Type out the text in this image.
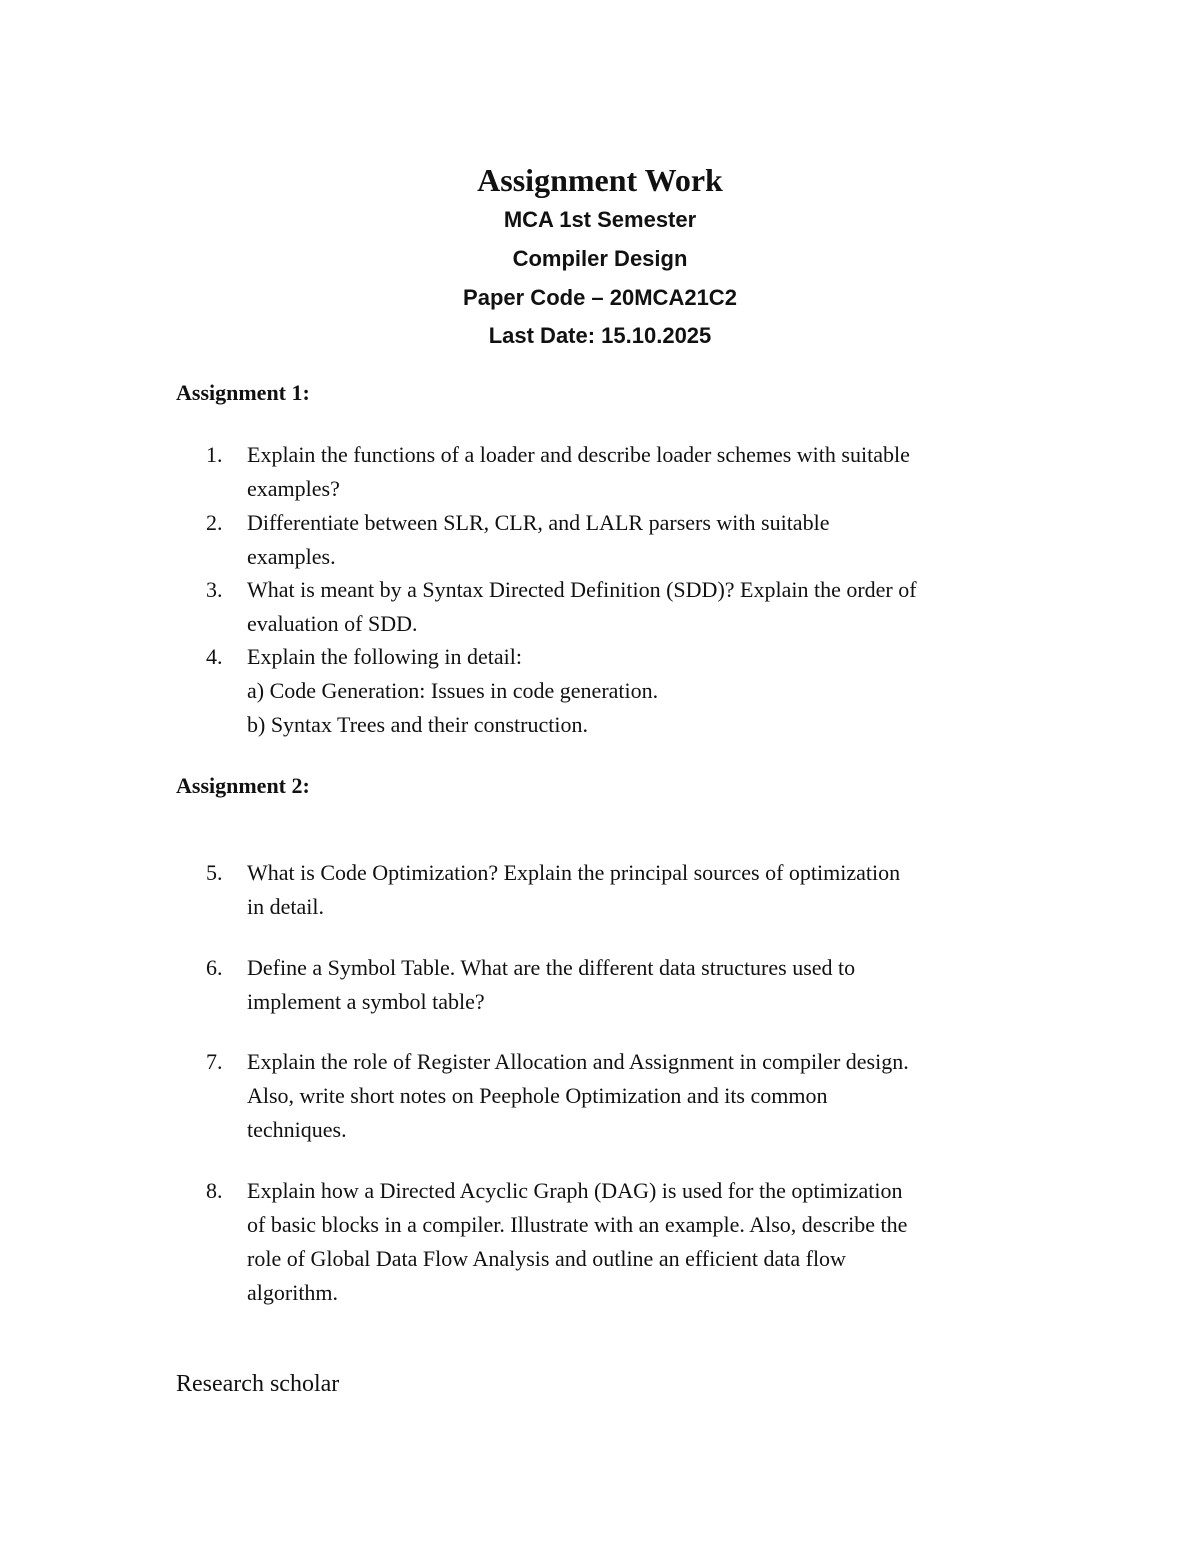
Assignment Work
MCA 1st Semester
Compiler Design
Paper Code – 20MCA21C2
Last Date: 15.10.2025
Assignment 1:
1.	Explain the functions of a loader and describe loader schemes with suitable
examples?
2.	Differentiate between SLR, CLR, and LALR parsers with suitable
examples.
3.	What is meant by a Syntax Directed Definition (SDD)? Explain the order of
evaluation of SDD.
4.	Explain the following in detail:
a) Code Generation: Issues in code generation.
b) Syntax Trees and their construction.
Assignment 2:
5.	What is Code Optimization? Explain the principal sources of optimization
in detail.
6.	Define a Symbol Table. What are the different data structures used to
implement a symbol table?
7.	Explain the role of Register Allocation and Assignment in compiler design.
Also, write short notes on Peephole Optimization and its common
techniques.
8.	Explain how a Directed Acyclic Graph (DAG) is used for the optimization
of basic blocks in a compiler. Illustrate with an example. Also, describe the
role of Global Data Flow Analysis and outline an efficient data flow
algorithm.
Research scholar
